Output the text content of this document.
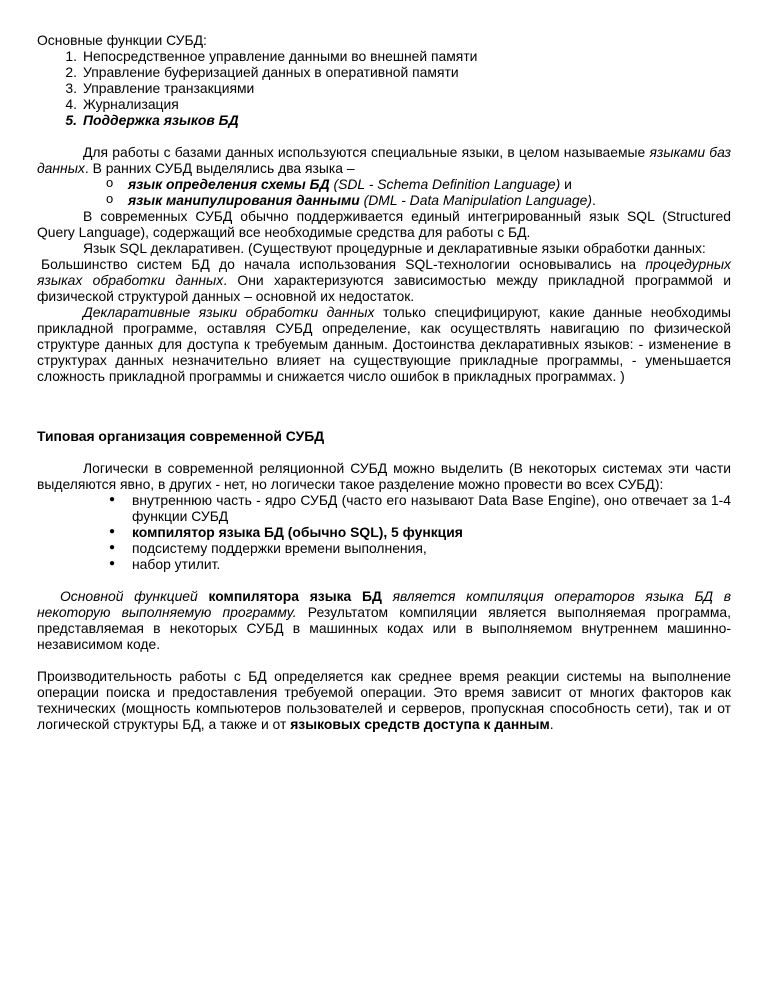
Основные функции СУБД:

1. Непосредственное управление данными во внешней памяти
2. Управление буферизацией данных в оперативной памяти
3. Управление транзакциями
4. Журнализация
5. Поддержка языков БД

Для работы с базами данных используются специальные языки, в целом называемые языками баз данных. В ранних СУБД выделялись два языка –

o язык определения схемы БД (SDL - Schema Definition Language) и
o язык манипулирования данными (DML - Data Manipulation Language).

В современных СУБД обычно поддерживается единый интегрированный язык SQL (Structured Query Language), содержащий все необходимые средства для работы с БД.

Язык SQL декларативен. (Существуют процедурные и декларативные языки обработки данных:

Большинство систем БД до начала использования SQL-технологии основывались на процедурных языках обработки данных. Они характеризуются зависимостью между прикладной программой и физической структурой данных – основной их недостаток.

Декларативные языки обработки данных только специфицируют, какие данные необходимы прикладной программе, оставляя СУБД определение, как осуществлять навигацию по физической структуре данных для доступа к требуемым данным. Достоинства декларативных языков: - изменение в структурах данных незначительно влияет на существующие прикладные программы, - уменьшается сложность прикладной программы и снижается число ошибок в прикладных программах. )

Типовая организация современной СУБД

Логически в современной реляционной СУБД можно выделить (В некоторых системах эти части выделяются явно, в других - нет, но логически такое разделение можно провести во всех СУБД):

● внутреннюю часть - ядро СУБД (часто его называют Data Base Engine), оно отвечает за 1-4 функции СУБД
● компилятор языка БД (обычно SQL), 5 функция
● подсистему поддержки времени выполнения,
● набор утилит.

Основной функцией компилятора языка БД является компиляция операторов языка БД в некоторую выполняемую программу. Результатом компиляции является выполняемая программа, представляемая в некоторых СУБД в машинных кодах или в выполняемом внутреннем машинно-независимом коде.

Производительность работы с БД определяется как среднее время реакции системы на выполнение операции поиска и предоставления требуемой операции. Это время зависит от многих факторов как технических (мощность компьютеров пользователей и серверов, пропускная способность сети), так и от логической структуры БД, а также и от языковых средств доступа к данным.
